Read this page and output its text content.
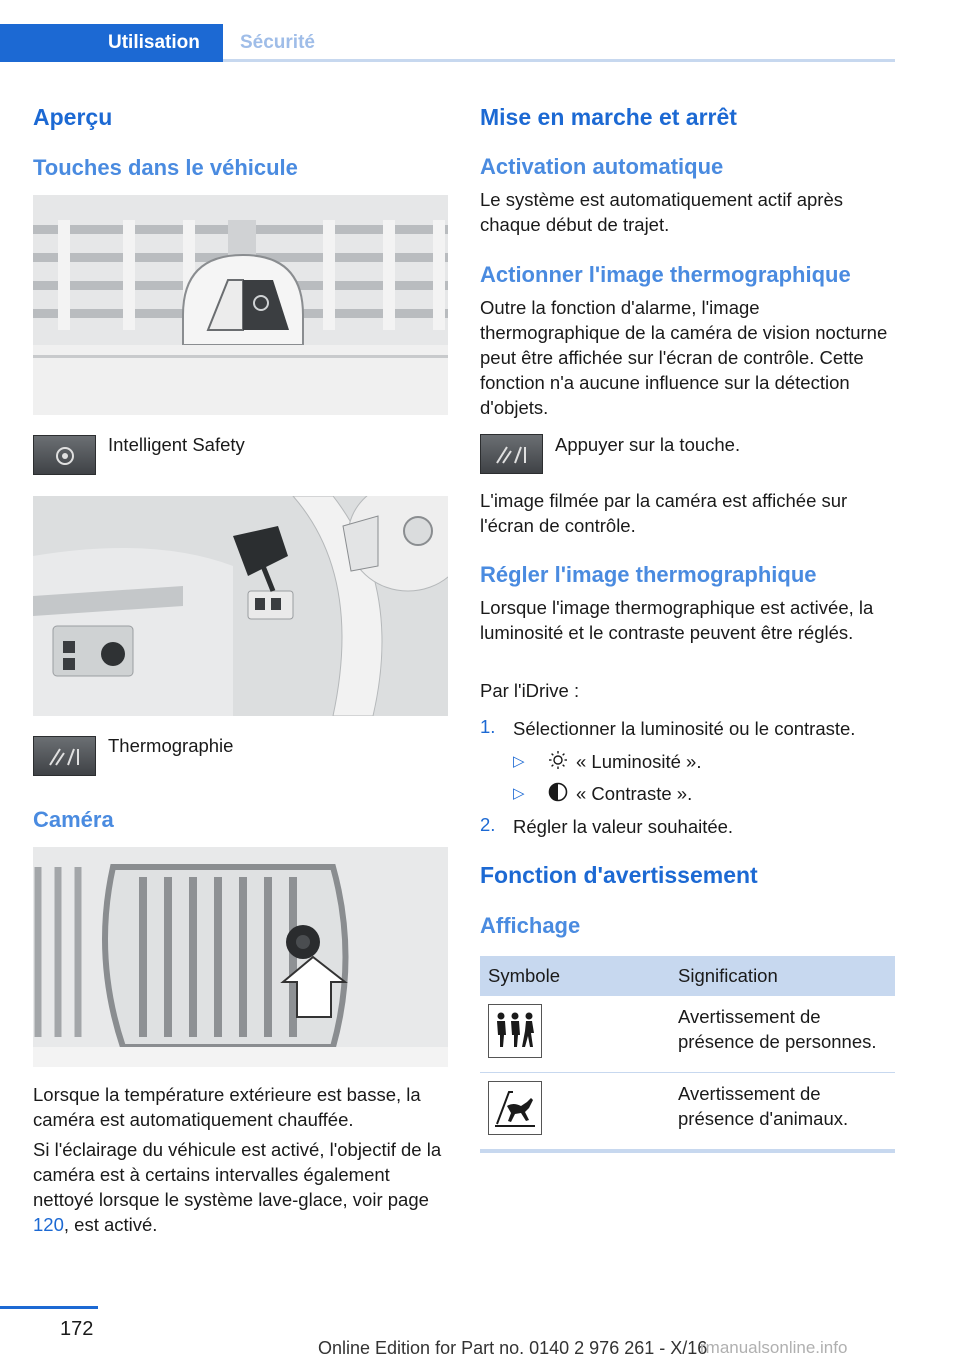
Utilisation	Sécurité
Aperçu
Touches dans le véhicule
Intelligent Safety
Thermographie
Caméra
Lorsque la température extérieure est basse, la caméra est automatiquement chauffée.
Si l'éclairage du véhicule est activé, l'objectif de la caméra est à certains intervalles également nettoyé lorsque le système lave-glace, voir page 120, est activé.
Mise en marche et arrêt
Activation automatique
Le système est automatiquement actif après chaque début de trajet.
Actionner l'image thermographique
Outre la fonction d'alarme, l'image thermographique de la caméra de vision nocturne peut être affichée sur l'écran de contrôle. Cette fonction n'a aucune influence sur la détection d'objets.
Appuyer sur la touche.
L'image filmée par la caméra est affichée sur l'écran de contrôle.
Régler l'image thermographique
Lorsque l'image thermographique est activée, la luminosité et le contraste peuvent être réglés.
Par l'iDrive :
1. Sélectionner la luminosité ou le contraste.
▷	« Luminosité ».
▷	« Contraste ».
2. Régler la valeur souhaitée.
Fonction d'avertissement
Affichage
Symbole	Signification
Avertissement de présence de personnes.
Avertissement de présence d'animaux.
172
Online Edition for Part no. 0140 2 976 261 - X/16
rmanualsonline.info
